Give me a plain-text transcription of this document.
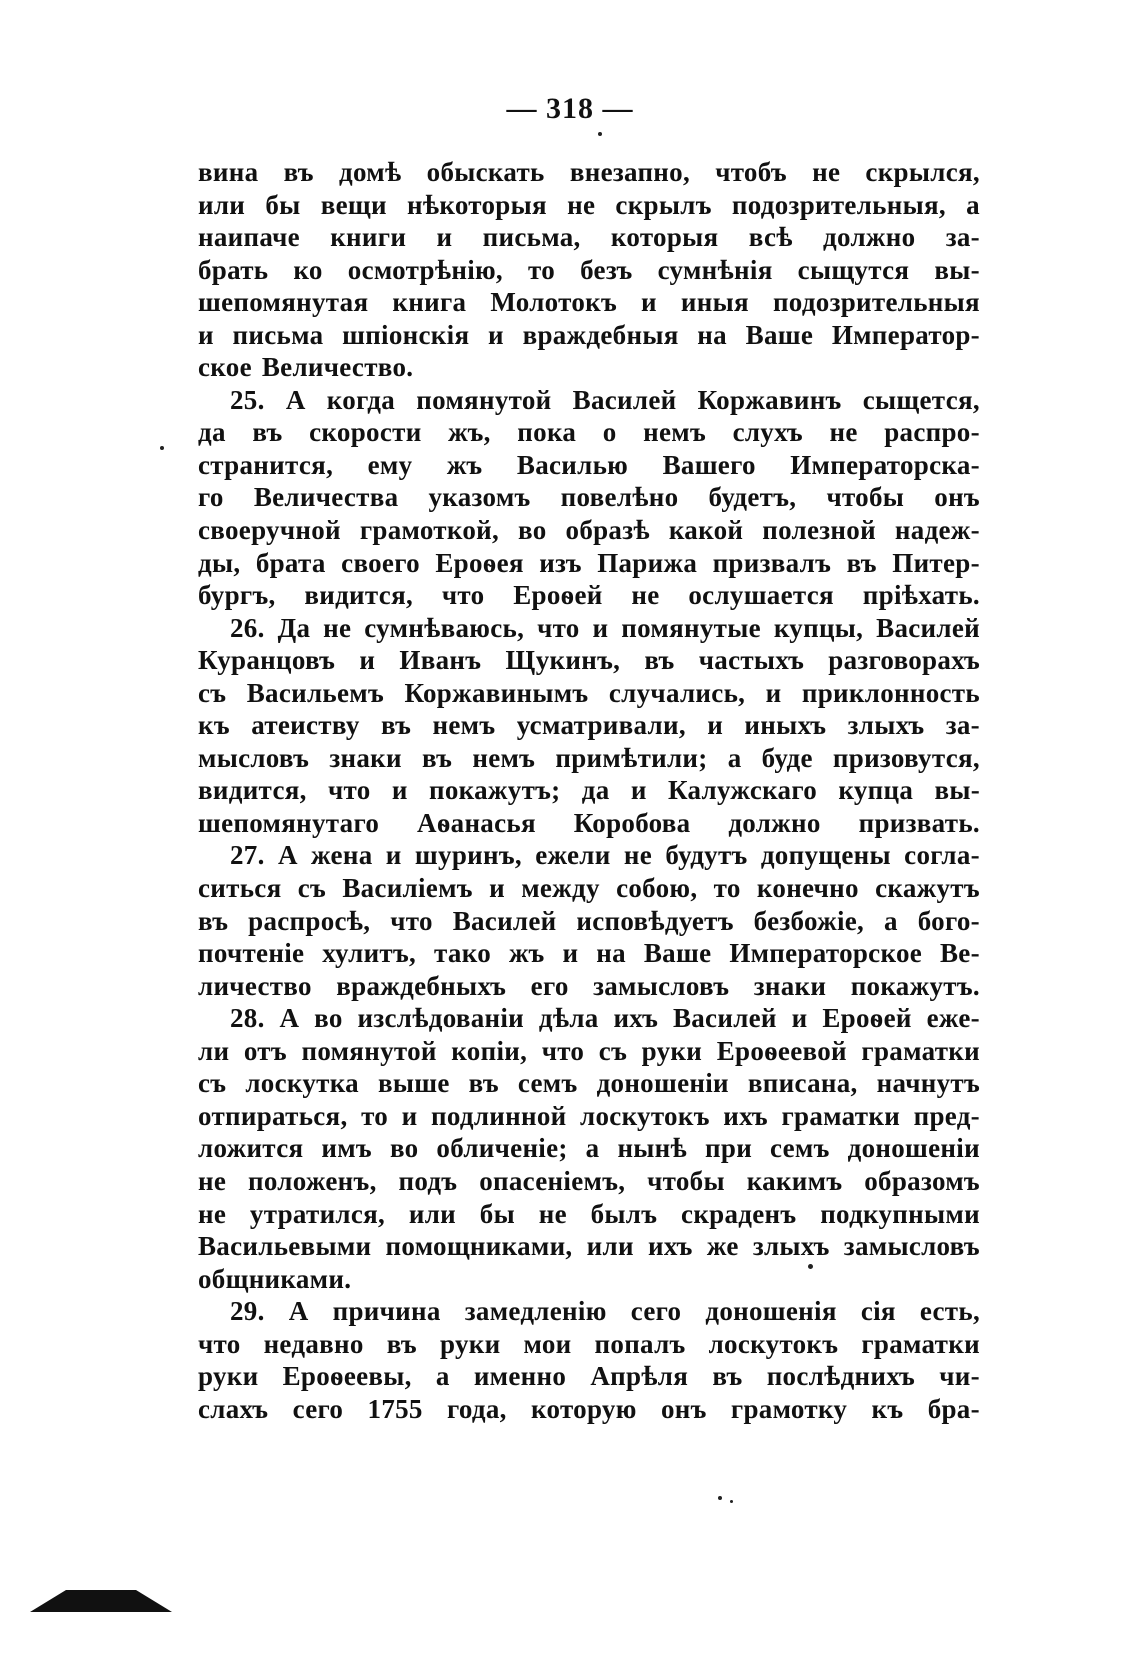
— 318 —
вина въ домѣ обыскать внезапно, чтобъ не скрылся,
или бы вещи нѣкоторыя не скрылъ подозрительныя, а
наипаче книги и письма, которыя всѣ должно за-
брать ко осмотрѣнію, то безъ сумнѣнія сыщутся вы-
шепомянутая книга Молотокъ и иныя подозрительныя
и письма шпіонскія и враждебныя на Ваше Император-
ское Величество.
25. А когда помянутой Василей Коржавинъ сыщется,
да въ скорости жъ, пока о немъ слухъ не распро-
странится, ему жъ Василью Вашего Императорска-
го Величества указомъ повелѣно будетъ, чтобы онъ
своеручной грамоткой, во образѣ какой полезной надеж-
ды, брата своего Ероѳея изъ Парижа призвалъ въ Питер-
бургъ, видится, что Ероѳей не ослушается пріѣхать.
26. Да не сумнѣваюсь, что и помянутые купцы, Василей
Куранцовъ и Иванъ Щукинъ, въ частыхъ разговорахъ
съ Васильемъ Коржавинымъ случались, и приклонность
къ атеиству въ немъ усматривали, и иныхъ злыхъ за-
мысловъ знаки въ немъ примѣтили; а буде призовутся,
видится, что и покажутъ; да и Калужскаго купца вы-
шепомянутаго Аѳанасья Коробова должно призвать.
27. А жена и шуринъ, ежели не будутъ допущены согла-
ситься съ Василіемъ и между собою, то конечно скажутъ
въ распросѣ, что Василей исповѣдуетъ безбожіе, а бого-
почтеніе хулитъ, тако жъ и на Ваше Императорское Ве-
личество враждебныхъ его замысловъ знаки покажутъ.
28. А во изслѣдованіи дѣла ихъ Василей и Ероѳей еже-
ли отъ помянутой копіи, что съ руки Ероѳеевой граматки
съ лоскутка выше въ семъ доношеніи вписана, начнутъ
отпираться, то и подлинной лоскутокъ ихъ граматки пред-
ложится имъ во обличеніе; а нынѣ при семъ доношеніи
не положенъ, подъ опасеніемъ, чтобы какимъ образомъ
не утратился, или бы не былъ скраденъ подкупными
Васильевыми помощниками, или ихъ же злыхъ замысловъ
общниками.
29. А причина замедленію сего доношенія сія есть,
что недавно въ руки мои попалъ лоскутокъ граматки
руки Ероѳеевы, а именно Апрѣля въ послѣднихъ чи-
слахъ сего 1755 года, которую онъ грамотку къ бра-
